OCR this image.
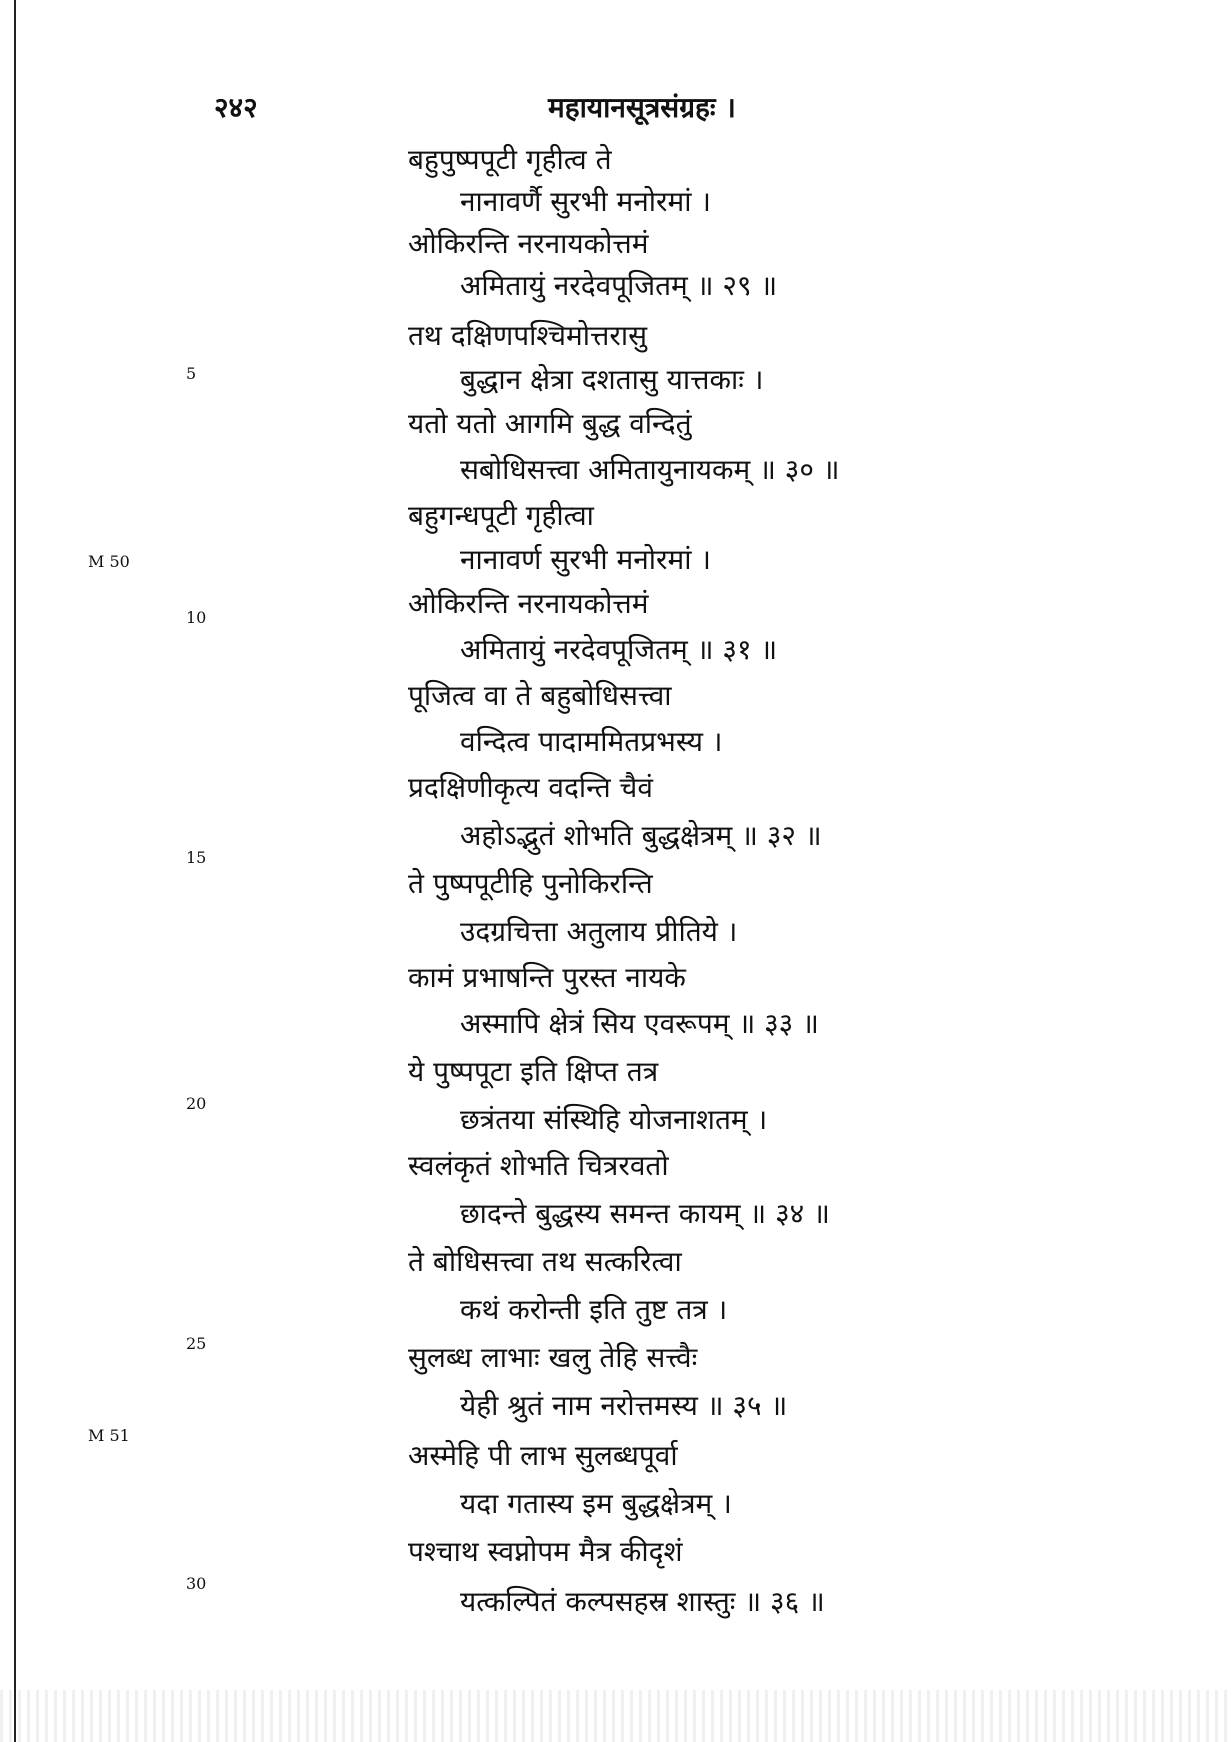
२४२	महायानसूत्रसंग्रहः ।
बहुपुष्पपूटी गृहीत्व ते
नानावर्णै सुरभी मनोरमां ।
ओकिरन्ति नरनायकोत्तमं
अमितायुं नरदेवपूजितम् ॥ २९ ॥
तथ दक्षिणपश्चिमोत्तरासु
बुद्धान क्षेत्रा दशतासु यात्तकाः ।
यतो यतो आगमि बुद्ध वन्दितुं
सबोधिसत्त्वा अमितायुनायकम् ॥ ३० ॥
बहुगन्धपूटी गृहीत्वा
नानावर्ण सुरभी मनोरमां ।
ओकिरन्ति नरनायकोत्तमं
अमितायुं नरदेवपूजितम् ॥ ३१ ॥
पूजित्व वा ते बहुबोधिसत्त्वा
वन्दित्व पादाममितप्रभस्य ।
प्रदक्षिणीकृत्य वदन्ति चैवं
अहोऽद्भुतं शोभति बुद्धक्षेत्रम् ॥ ३२ ॥
ते पुष्पपूटीहि पुनोकिरन्ति
उदग्रचित्ता अतुलाय प्रीतिये ।
कामं प्रभाषन्ति पुरस्त नायके
अस्मापि क्षेत्रं सिय एवरूपम् ॥ ३३ ॥
ये पुष्पपूटा इति क्षिप्त तत्र
छत्रंतया संस्थिहि योजनाशतम् ।
स्वलंकृतं शोभति चित्ररवतो
छादन्ते बुद्धस्य समन्त कायम् ॥ ३४ ॥
ते बोधिसत्त्वा तथ सत्करित्वा
कथं करोन्ती इति तुष्ट तत्र ।
सुलब्ध लाभाः खलु तेहि सत्त्वैः
येही श्रुतं नाम नरोत्तमस्य ॥ ३५ ॥
अस्मेहि पी लाभ सुलब्धपूर्वा
यदा गतास्य इम बुद्धक्षेत्रम् ।
पश्चाथ स्वप्नोपम मैत्र कीदृशं
यत्कल्पितं कल्पसहस्र शास्तुः ॥ ३६ ॥
5
10
15
20
25
30
M 50
M 51
